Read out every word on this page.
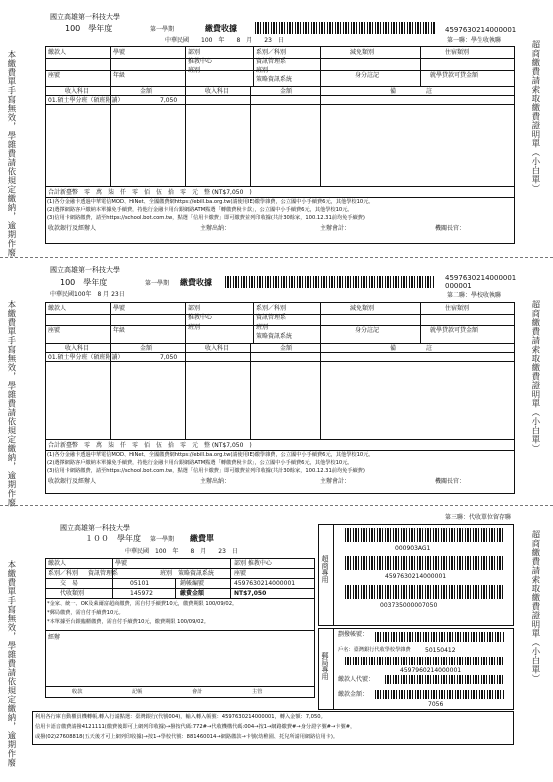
本繳費單手寫無效，學雜費請依規定繳納，逾期作廢	超商繳費請索取繳費證明單（小白單）
國立高雄第一科技大學
100　學年度	第一學期	繳費收據
中華民國　　100　年　　8　月　　23　日
4597630214000001
第一聯：學生收執聯
繳款人	學號	部別
推教中心
班別
系別／科別
資訊管理系
班別
策略資訊系統
減免類別	住宿類別
座號	年級	身分註記	就學貸款可貸金額
收入科目	金額	收入科目	金額	備　　　　　註
01.碩士學分班（碩班附讀）	7,050
合計新臺幣　零　萬　柒　仟　零　佰　伍　拾　零　元　整 (NT$7,050　)
(1)各分金融卡透過中華電信MOD、HiNet、全國繳費網https://ebill.ba.org.tw(請使用IE)繳學雜費，公立國中小手續費6元，其他學校10元。
(2)選擇網路客戶繳納本單據免手續費，持他行金融卡用台銀網路ATM點選「轉繳費稅卡款」，公立國中小手續費6元，其他學校10元。
(3)信用卡網路繳費，請至https://school.bot.com.tw，點選「信用卡繳費」即可繳費並列印收據(共計30餘家，100.12.31前均免手續費)
收款銀行及經辦人	主辦出納：	主辦會計：	機關長官：
本繳費單手寫無效，學雜費請依規定繳納，逾期作廢	超商繳費請索取繳費證明單（小白單）
國立高雄第一科技大學
100　學年度	第一學期 繳費收據
中華民國100年　8 月 23日
4597630214000001
000001
第二聯：學校收執聯
繳款人	學號	部別
推教中心
班別
系別／科別
資訊管理系
班別
策略資訊系統
減免類別	住宿類別
座號	年級	身分註記	就學貸款可貸金額
收入科目	金額	收入科目	金額	備　　　　　註
01.碩士學分班（碩班附讀）	7,050
合計新臺幣　零　萬　柒　仟　零　佰　伍　拾　零　元　整 (NT$7,050　)
(1)各分金融卡透過中華電信MOD、HiNet、全國繳費網https://ebill.ba.org.tw(請使用IE)繳學雜費，公立國中小手續費6元，其他學校10元。
(2)選擇網路客戶繳納本單據免手續費，持他行金融卡用台銀網路ATM點選「轉繳費稅卡款」，公立國中小手續費6元，其他學校10元。
(3)信用卡網路繳費，請至https://school.bot.com.tw，點選「信用卡繳費」即可繳費並列印收據(共計30餘家，100.12.31前均免手續費)
收款銀行及經辦人	主辦出納：	主辦會計：	機關長官：
本繳費單手寫無效，學雜費請依規定繳納，逾期作廢	超商繳費請索取繳費證明單（小白單）
第三聯：代收單位留存聯
國立高雄第一科技大學
１００　學年度 第一學期 繳費單
中華民國　100　年　　8　月　　23　日
繳款人	學號	部別 推教中心
系別／科別 資訊管理系	班別 策略資訊系統	座號
交　易	05101	銷帳編號	4597630214000001
代收類別	145972	繳費金額	NT$7,050
*金家、統一、OK及萊爾富超商繳費，需自付手續費10元，繳費期限 100/09/02。
*郵局繳費，需自付手續費10元。
*本單據至台銀臨櫃繳費，需自付手續費10元，繳費期限 100/09/02。
經辦
收款	記帳	會計	主管
超商專用
000903AG1
4597630214000001
003735000007050
郵局專用
劃撥帳號：
戶名：臺灣銀行代收學校學雜費 50150412
4597960214000001
繳款人代號：
繳款金額：
7056
利用各行庫自動櫃員機轉帳,轉入行請點選：臺灣銀行(代號004)，輸入轉入帳號：4597630214000001，轉入金額：7,050。
信用卡語音繳費請撥4121111(繳費後即可上網列印收據)→撥按代碼:772#→代收機構代碼:004→按1→網路繳費#→身分證字號#→卡號#，
或撥(02)27608818(五天後才可上網列印收據)→按1→學校代號：881460014→網路繳款→卡號(幼稚園、托兒所請用網路信用卡)。
